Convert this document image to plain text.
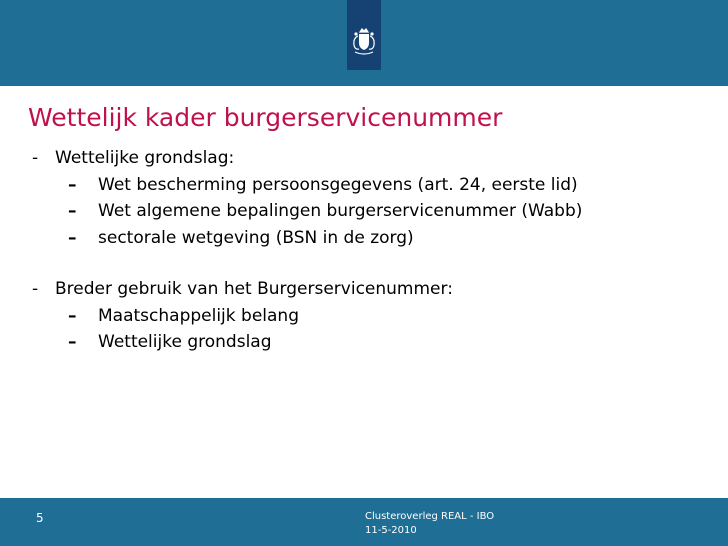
Wettelijk kader burgerservicenummer
- Wettelijke grondslag:
– Wet bescherming persoonsgegevens (art. 24, eerste lid)
– Wet algemene bepalingen burgerservicenummer (Wabb)
– sectorale wetgeving (BSN in de zorg)
- Breder gebruik van het Burgerservicenummer:
– Maatschappelijk belang
– Wettelijke grondslag
5	Clusteroverleg REAL - IBO
11-5-2010
